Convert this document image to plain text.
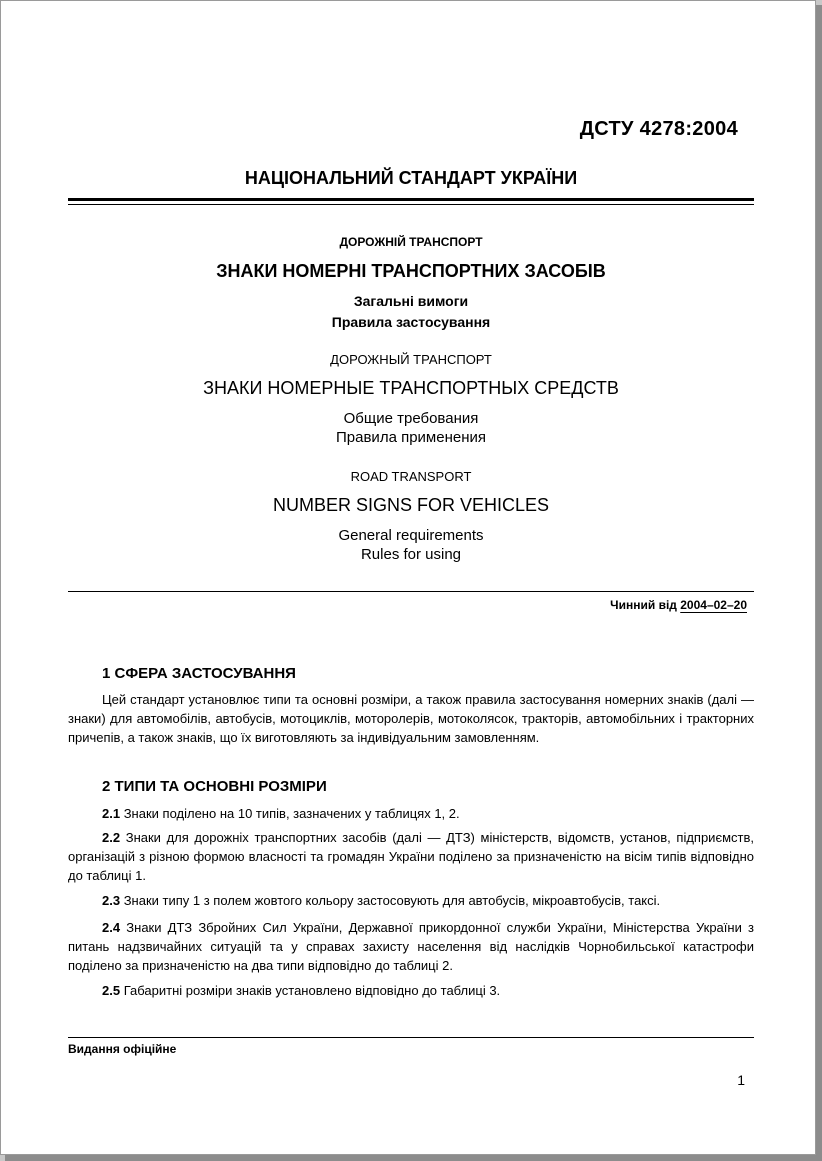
ДСТУ 4278:2004
НАЦІОНАЛЬНИЙ СТАНДАРТ УКРАЇНИ
ДОРОЖНІЙ ТРАНСПОРТ
ЗНАКИ НОМЕРНІ ТРАНСПОРТНИХ ЗАСОБІВ
Загальні вимоги
Правила застосування
ДОРОЖНЫЙ ТРАНСПОРТ
ЗНАКИ НОМЕРНЫЕ ТРАНСПОРТНЫХ СРЕДСТВ
Общие требования
Правила применения
ROAD TRANSPORT
NUMBER SIGNS FOR VEHICLES
General requirements
Rules for using
Чинний від 2004–02–20
1 СФЕРА ЗАСТОСУВАННЯ
Цей стандарт установлює типи та основні розміри, а також правила застосування номерних знаків (далі — знаки) для автомобілів, автобусів, мотоциклів, моторолерів, мотоколясок, тракторів, автомобільних і тракторних причепів, а також знаків, що їх виготовляють за індивідуальним замовленням.
2 ТИПИ ТА ОСНОВНІ РОЗМІРИ
2.1 Знаки поділено на 10 типів, зазначених у таблицях 1, 2.
2.2 Знаки для дорожніх транспортних засобів (далі — ДТЗ) міністерств, відомств, установ, підприємств, організацій з різною формою власності та громадян України поділено за призначеністю на вісім типів відповідно до таблиці 1.
2.3 Знаки типу 1 з полем жовтого кольору застосовують для автобусів, мікроавтобусів, таксі.
2.4 Знаки ДТЗ Збройних Сил України, Державної прикордонної служби України, Міністерства України з питань надзвичайних ситуацій та у справах захисту населення від наслідків Чорнобильської катастрофи поділено за призначеністю на два типи відповідно до таблиці 2.
2.5 Габаритні розміри знаків установлено відповідно до таблиці 3.
Видання офіційне
1
